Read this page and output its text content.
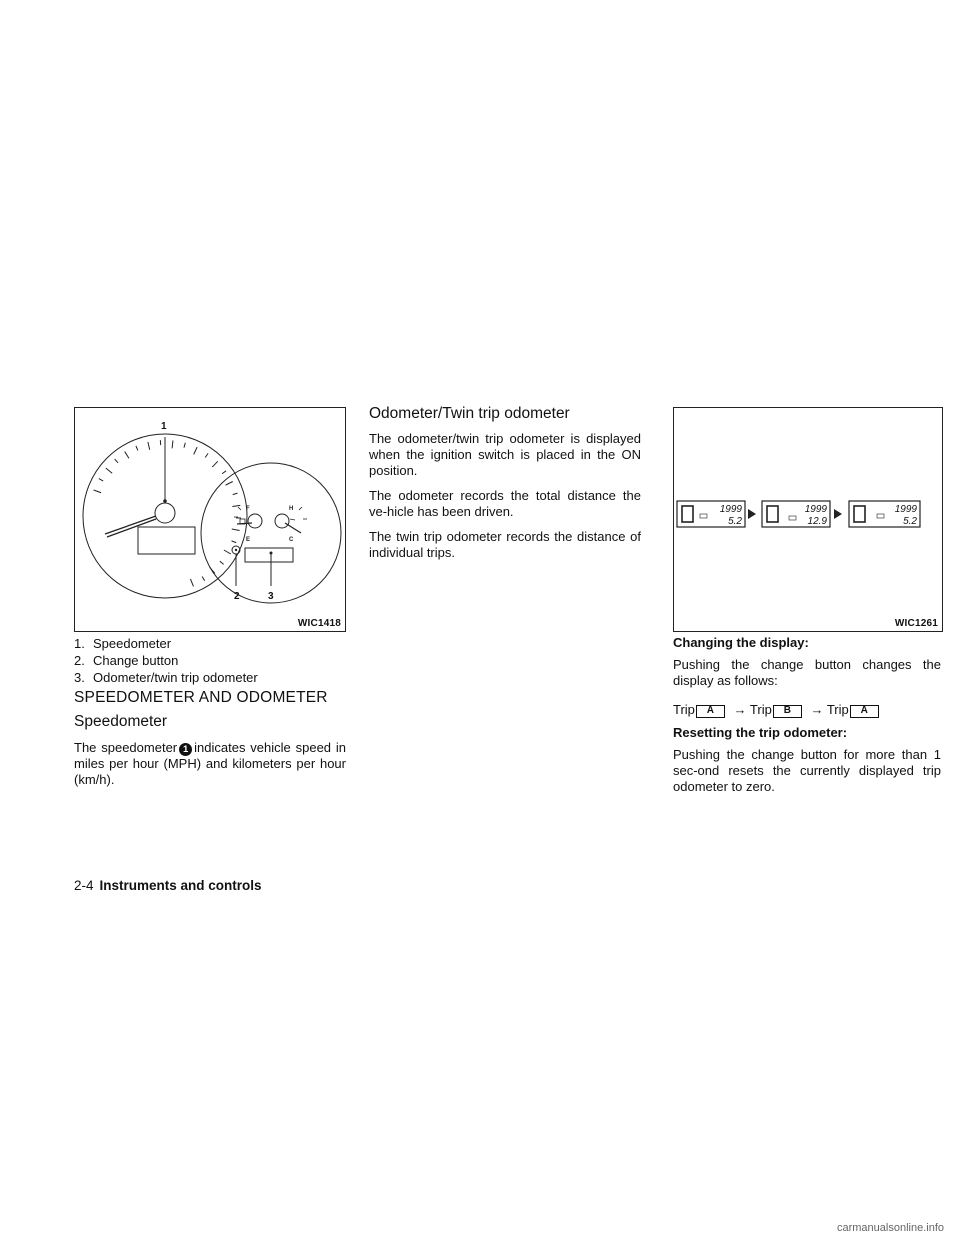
1
F
E
H
C
2	3
WIC1418
1. Speedometer
2. Change button
3. Odometer/twin trip odometer
SPEEDOMETER AND ODOMETER
Speedometer

The speedometer 1 indicates vehicle speed in miles per hour (MPH) and kilometers per hour (km/h).

Odometer/Twin trip odometer

The odometer/twin trip odometer is displayed when the ignition switch is placed in the ON position.

The odometer records the total distance the ve-hicle has been driven.

The twin trip odometer records the distance of individual trips.

1999
5.2
1999
12.9
1999
5.2
WIC1261
Changing the display:

Pushing the change button changes the display as follows:

Trip A → Trip B → Trip A
Resetting the trip odometer:

Pushing the change button for more than 1 sec-ond resets the currently displayed trip odometer to zero.

2-4 Instruments and controls
carmanualsonline.info
